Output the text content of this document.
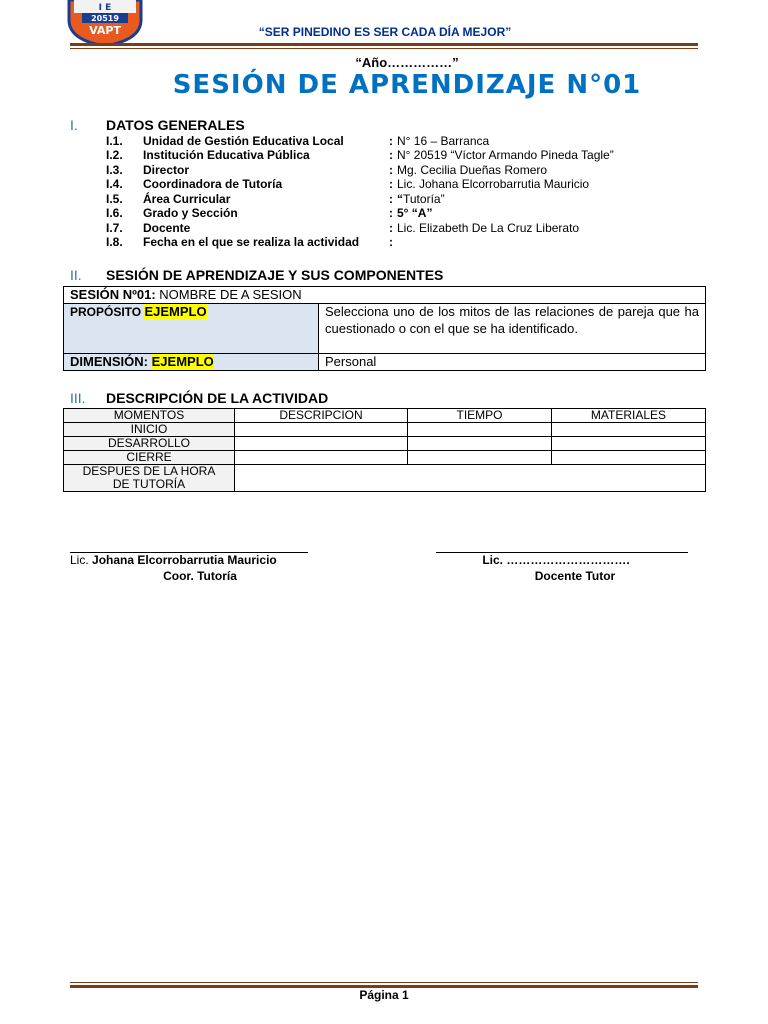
I E
20519
VAPT	“SER PINEDINO ES SER CADA DÍA MEJOR”
“Año……………”
SESIÓN DE APRENDIZAJE N°01
I. DATOS GENERALES
I.1. Unidad de Gestión Educativa Local	: N° 16 – Barranca
I.2. Institución Educativa Pública	: N° 20519 “Víctor Armando Pineda Tagle”
I.3. Director	: Mg. Cecilia Dueñas Romero
I.4. Coordinadora de Tutoría	: Lic. Johana Elcorrobarrutia Mauricio
I.5. Área Curricular	: “Tutoría”
I.6. Grado y Sección	: 5° “A”
I.7. Docente	: Lic. Elizabeth De La Cruz Liberato
I.8. Fecha en el que se realiza la actividad :
II. SESIÓN DE APRENDIZAJE Y SUS COMPONENTES
SESIÓN Nº01: NOMBRE DE A SESION	
PROPÓSITO EJEMPLO	Selecciona uno de los mitos de las relaciones de pareja que ha cuestionado o con el que se ha identificado.
DIMENSIÓN: EJEMPLO	Personal
III. DESCRIPCIÓN DE LA ACTIVIDAD
MOMENTOS	DESCRIPCION	TIEMPO	MATERIALES
INICIO			
DESARROLLO			
CIERRE			
DESPUES DE LA HORA DE TUTORÍA			
Lic. Johana Elcorrobarrutia Mauricio
Coor. Tutoría
Lic. ………………………….
Docente Tutor
Página 1
